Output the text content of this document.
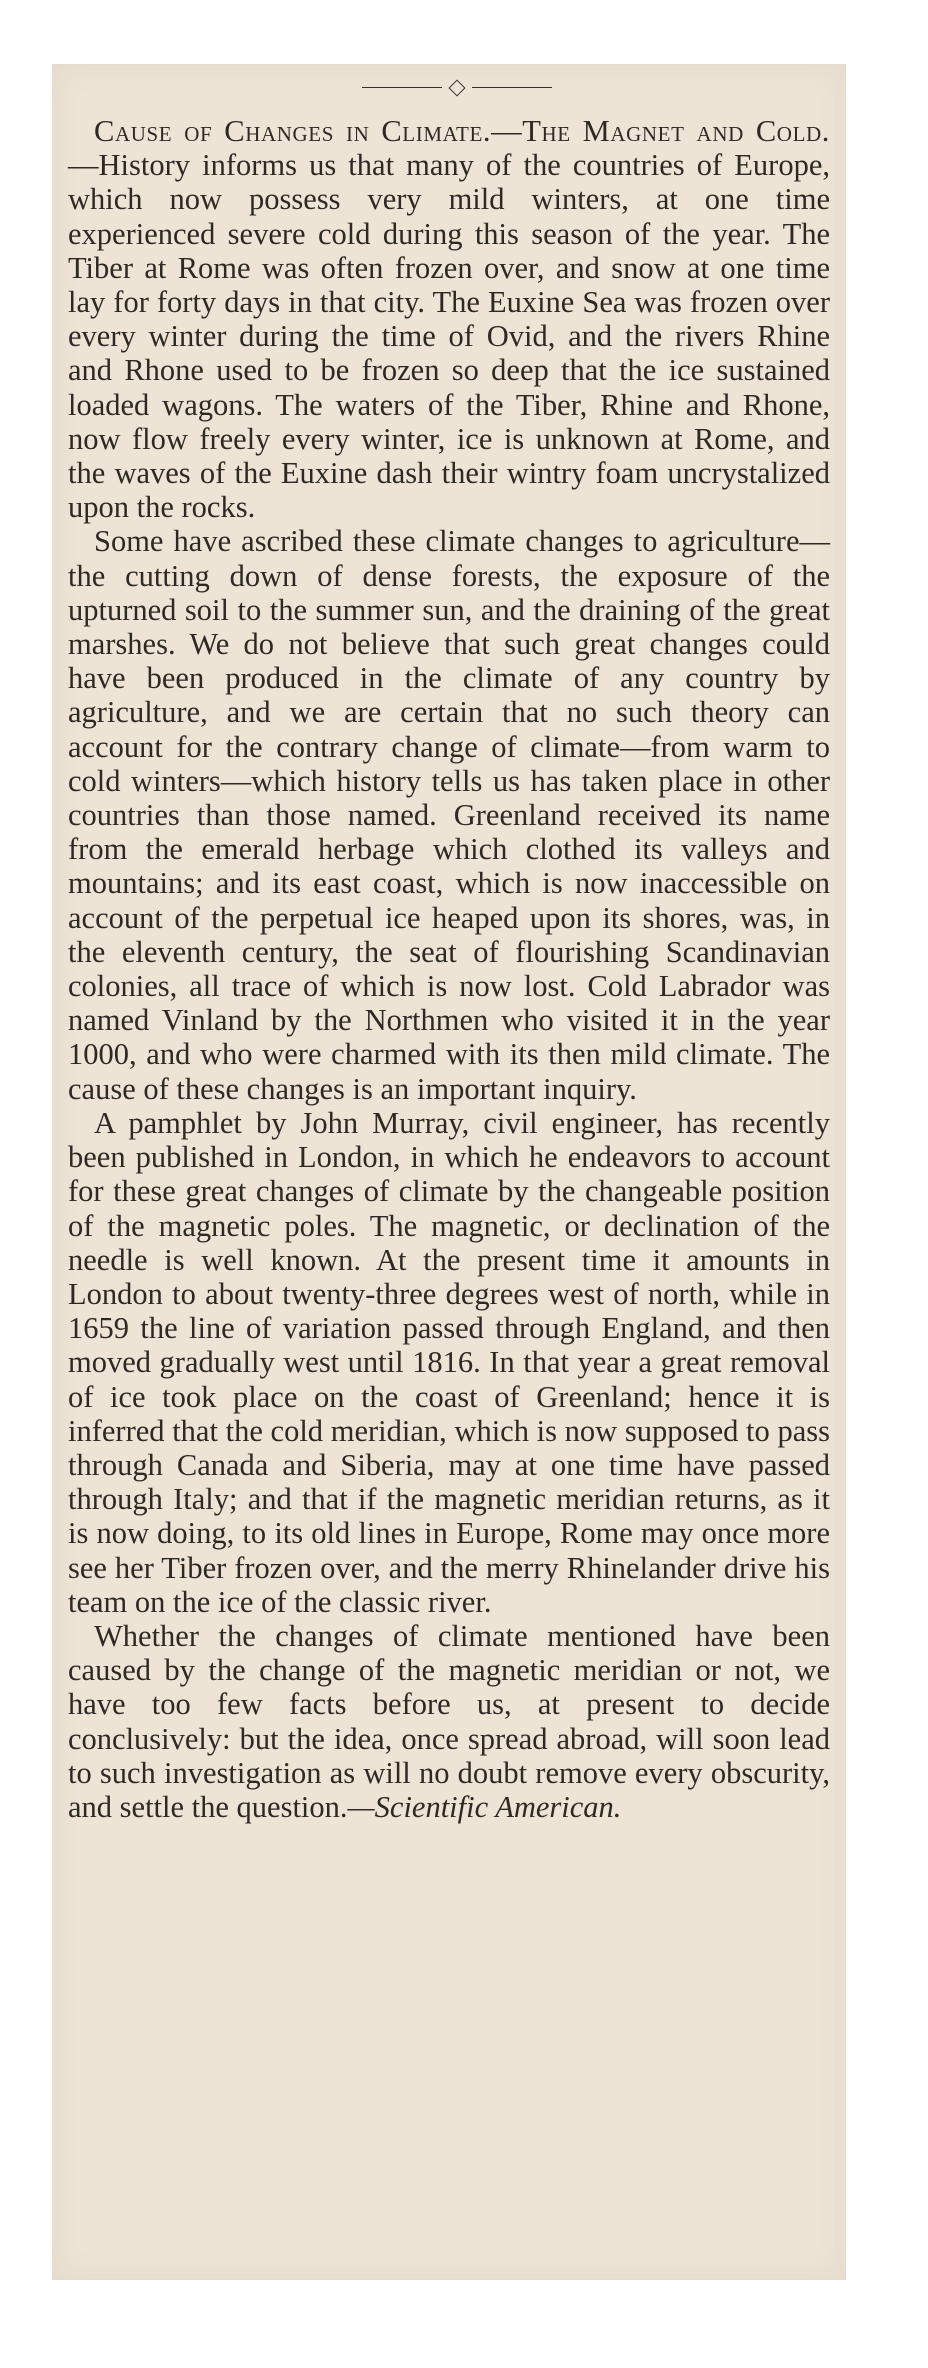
Cause of Changes in Climate.—The Magnet and Cold.—History informs us that many of the countries of Europe, which now possess very mild winters, at one time experienced severe cold during this season of the year. The Tiber at Rome was often frozen over, and snow at one time lay for forty days in that city. The Euxine Sea was frozen over every winter during the time of Ovid, and the rivers Rhine and Rhone used to be frozen so deep that the ice sustained loaded wagons. The waters of the Tiber, Rhine and Rhone, now flow freely every winter, ice is unknown at Rome, and the waves of the Euxine dash their wintry foam uncrystalized upon the rocks.

Some have ascribed these climate changes to agriculture—the cutting down of dense forests, the exposure of the upturned soil to the summer sun, and the draining of the great marshes. We do not believe that such great changes could have been produced in the climate of any country by agriculture, and we are certain that no such theory can account for the contrary change of climate—from warm to cold winters—which history tells us has taken place in other countries than those named. Greenland received its name from the emerald herbage which clothed its valleys and mountains; and its east coast, which is now inaccessible on account of the perpetual ice heaped upon its shores, was, in the eleventh century, the seat of flourishing Scandinavian colonies, all trace of which is now lost. Cold Labrador was named Vinland by the Northmen who visited it in the year 1000, and who were charmed with its then mild climate. The cause of these changes is an important inquiry.

A pamphlet by John Murray, civil engineer, has recently been published in London, in which he endeavors to account for these great changes of climate by the changeable position of the magnetic poles. The magnetic, or declination of the needle is well known. At the present time it amounts in London to about twenty-three degrees west of north, while in 1659 the line of variation passed through England, and then moved gradually west until 1816. In that year a great removal of ice took place on the coast of Greenland; hence it is inferred that the cold meridian, which is now supposed to pass through Canada and Siberia, may at one time have passed through Italy; and that if the magnetic meridian returns, as it is now doing, to its old lines in Europe, Rome may once more see her Tiber frozen over, and the merry Rhinelander drive his team on the ice of the classic river.

Whether the changes of climate mentioned have been caused by the change of the magnetic meridian or not, we have too few facts before us, at present to decide conclusively: but the idea, once spread abroad, will soon lead to such investigation as will no doubt remove every obscurity, and settle the question.—Scientific American.
